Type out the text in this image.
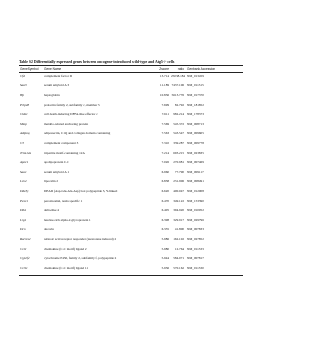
Table S2 Differentially expressed genes between oncogene-introduced wild-type and Atg5-/- cells
GeneSymbol Gene Name	Zscore	ratio Genbank Accession
Cfd	complement factor D	13.714 25038.184 NM_013459
Saa3	serum amyloid A 3	11.189 7437.106 NM_011315
Hp	haptoglobin	10.836 5613.776 NM_017370
Prlpd3	prolactin family 2, subfamily c, member 5	7.699	82.792 NM_181852
Cidec	cell death-inducing DFFA-like effector c	7.611	982.214 NM_178373
Mmp	metallo-related anchoring protein	7.569	545.372 NM_008713
Adipoq	adiponectin, C1Q and collagen domain containing	7.563	543.547 NM_009605
C3	complement component 3	7.310	339.287 NM_009778
Trim12a	tripartite motif-containing 12A	7.214	693.215 NM_023835
Apoc1	apolipoprotein C-I	7.026	270.981 NM_007469
Saa1	serum amyloid A 1	6.960	77.790 NM_009117
Lcn2	lipocalin 2	6.838	231.906 NM_008491
Ddx3y	DEAD (Asp-Glu-Ala-Asp) box polypeptide 3, Y-linked	6.620	400.047 NM_012008
Pex11	peroxisomal, testis specific 1	6.470	349.122 NM_153390
Dlk1	delta-like 4	6.405	394.920 NM_010052
Lrg1	leucine-rich alpha-2-glycoprotein 1	6.398	329.917 NM_029796
Dcn	decorin	6.335	41.800 NM_007833
Rarres2	retinoic acid receptor responder (tazarotene induced) 2	5.986	162.102 NM_027852
Ccl2	chemokine (C-C motif) ligand 2	5.980	12.764 NM_011333
Cyp2f2	cytochrome P450, family 2, subfamily f, polypeptide 2	5.944	584.071 NM_007817
Ccl11	chemokine (C-C motif) ligand 11	5.936	570.162 NM_011330
